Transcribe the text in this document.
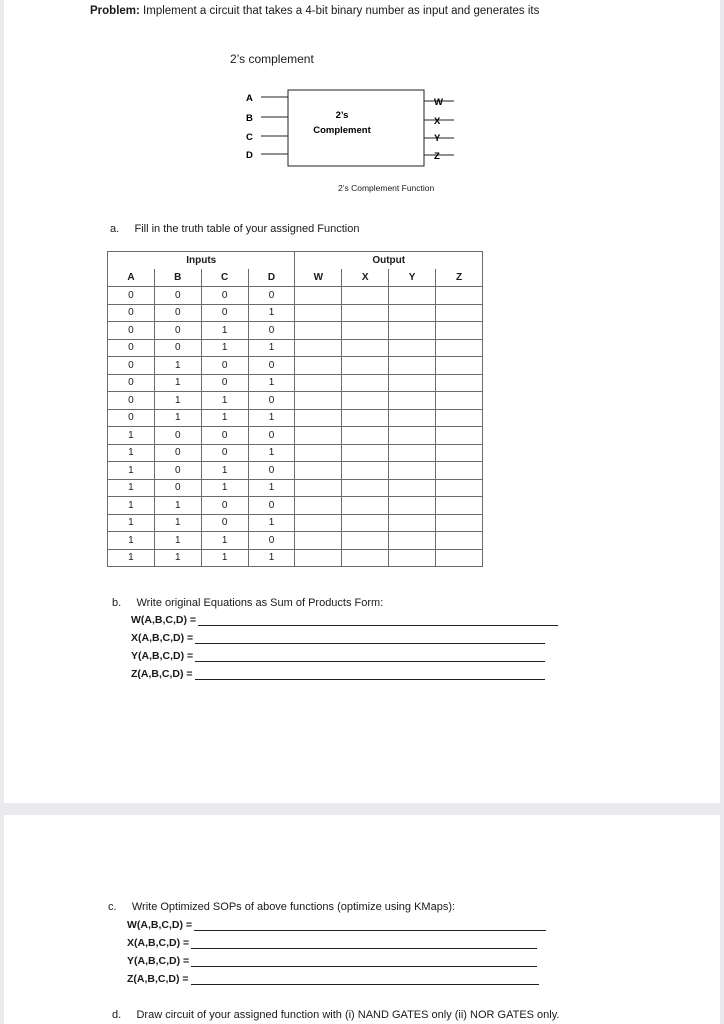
Problem: Implement a circuit that takes a 4-bit binary number as input and generates its
2’s complement
A
B
C
D
W
X
Y
Z
2’s
Complement
2’s Complement Function
a. Fill in the truth table of your assigned Function
Inputs				Output			
A	B	C	D	W	X	Y	Z
0	0	0	0				
0	0	0	1				
0	0	1	0				
0	0	1	1				
0	1	0	0				
0	1	0	1				
0	1	1	0				
0	1	1	1				
1	0	0	0				
1	0	0	1				
1	0	1	0				
1	0	1	1				
1	1	0	0				
1	1	0	1				
1	1	1	0				
1	1	1	1				
b. Write original Equations as Sum of Products Form:
W(A,B,C,D) =
X(A,B,C,D) =
Y(A,B,C,D) =
Z(A,B,C,D) =
c. Write Optimized SOPs of above functions (optimize using KMaps):
W(A,B,C,D) =
X(A,B,C,D) =
Y(A,B,C,D) =
Z(A,B,C,D) =
d. Draw circuit of your assigned function with (i) NAND GATES only (ii) NOR GATES only.
